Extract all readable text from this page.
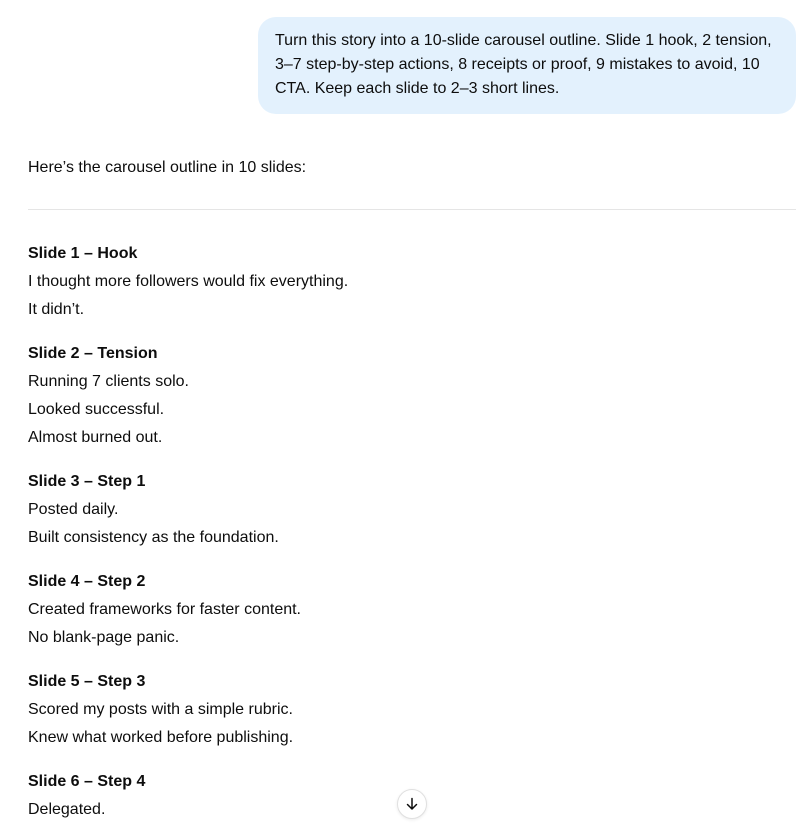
Turn this story into a 10-slide carousel outline. Slide 1 hook, 2 tension, 3–7 step-by-step actions, 8 receipts or proof, 9 mistakes to avoid, 10 CTA. Keep each slide to 2–3 short lines.

Here’s the carousel outline in 10 slides:

Slide 1 – Hook

I thought more followers would fix everything.

It didn’t.

Slide 2 – Tension

Running 7 clients solo.

Looked successful.

Almost burned out.

Slide 3 – Step 1

Posted daily.

Built consistency as the foundation.

Slide 4 – Step 2

Created frameworks for faster content.

No blank-page panic.

Slide 5 – Step 3

Scored my posts with a simple rubric.

Knew what worked before publishing.

Slide 6 – Step 4

Delegated.
